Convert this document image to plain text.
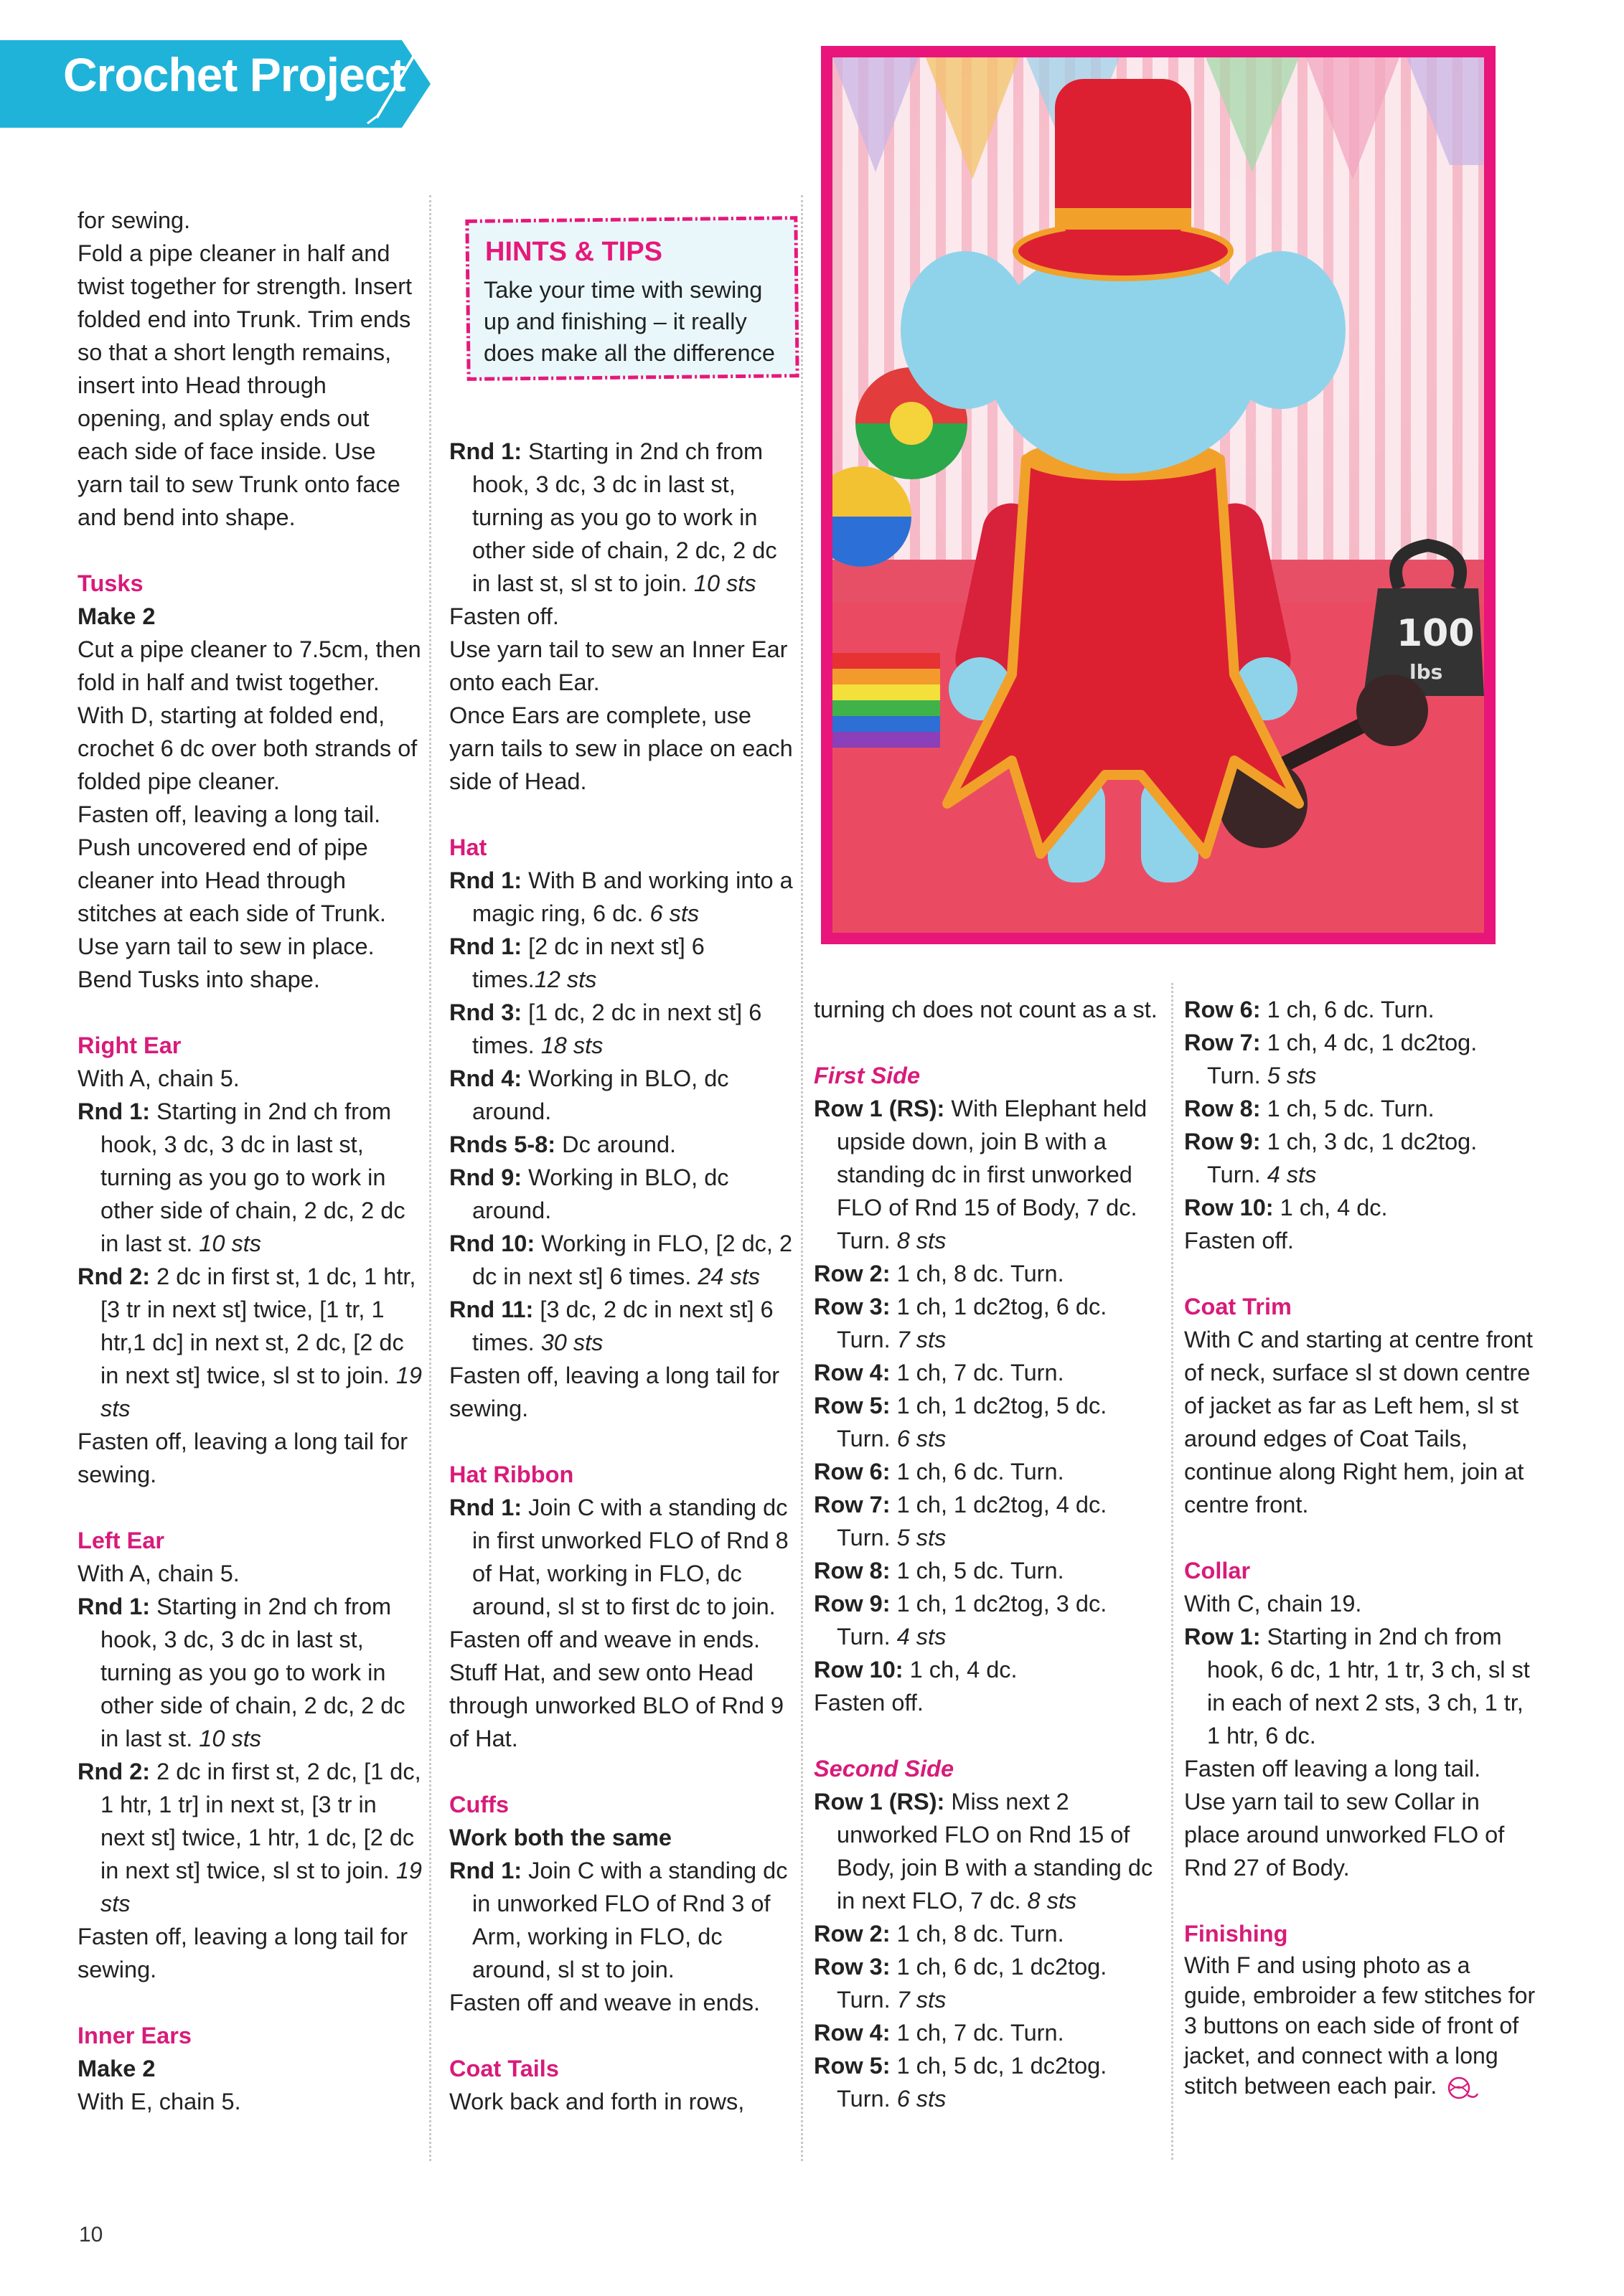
Crochet Project

for sewing.

Fold a pipe cleaner in half and twist together for strength. Insert folded end into Trunk. Trim ends so that a short length remains, insert into Head through opening, and splay ends out each side of face inside. Use yarn tail to sew Trunk onto face and bend into shape.

Tusks

Make 2

Cut a pipe cleaner to 7.5cm, then fold in half and twist together. With D, starting at folded end, crochet 6 dc over both strands of folded pipe cleaner.

Fasten off, leaving a long tail.

Push uncovered end of pipe cleaner into Head through stitches at each side of Trunk.

Use yarn tail to sew in place.

Bend Tusks into shape.

Right Ear

With A, chain 5.

Rnd 1: Starting in 2nd ch from hook, 3 dc, 3 dc in last st, turning as you go to work in other side of chain, 2 dc, 2 dc in last st. 10 sts

Rnd 2: 2 dc in first st, 1 dc, 1 htr, [3 tr in next st] twice, [1 tr, 1 htr,1 dc] in next st, 2 dc, [2 dc in next st] twice, sl st to join. 19 sts

Fasten off, leaving a long tail for sewing.

Left Ear

With A, chain 5.

Rnd 1: Starting in 2nd ch from hook, 3 dc, 3 dc in last st, turning as you go to work in other side of chain, 2 dc, 2 dc in last st. 10 sts

Rnd 2: 2 dc in first st, 2 dc, [1 dc, 1 htr, 1 tr] in next st, [3 tr in next st] twice, 1 htr, 1 dc, [2 dc in next st] twice, sl st to join. 19 sts

Fasten off, leaving a long tail for sewing.

Inner Ears

Make 2

With E, chain 5.

HINTS & TIPS

Take your time with sewing

up and finishing – it really

does make all the difference

Rnd 1: Starting in 2nd ch from hook, 3 dc, 3 dc in last st, turning as you go to work in other side of chain, 2 dc, 2 dc in last st, sl st to join. 10 sts

Fasten off.

Use yarn tail to sew an Inner Ear onto each Ear.

Once Ears are complete, use yarn tails to sew in place on each side of Head.

Hat

Rnd 1: With B and working into a magic ring, 6 dc. 6 sts

Rnd 1: [2 dc in next st] 6 times.12 sts

Rnd 3: [1 dc, 2 dc in next st] 6 times. 18 sts

Rnd 4: Working in BLO, dc around.

Rnds 5-8: Dc around.

Rnd 9: Working in BLO, dc around.

Rnd 10: Working in FLO, [2 dc, 2 dc in next st] 6 times. 24 sts

Rnd 11: [3 dc, 2 dc in next st] 6 times. 30 sts

Fasten off, leaving a long tail for sewing.

Hat Ribbon

Rnd 1: Join C with a standing dc in first unworked FLO of Rnd 8 of Hat, working in FLO, dc around, sl st to first dc to join.

Fasten off and weave in ends. Stuff Hat, and sew onto Head through unworked BLO of Rnd 9 of Hat.

Cuffs

Work both the same

Rnd 1: Join C with a standing dc in unworked FLO of Rnd 3 of Arm, working in FLO, dc around, sl st to join.

Fasten off and weave in ends.

Coat Tails

Work back and forth in rows,

100
lbs

turning ch does not count as a st.

First Side

Row 1 (RS): With Elephant held upside down, join B with a standing dc in first unworked FLO of Rnd 15 of Body, 7 dc. Turn. 8 sts

Row 2: 1 ch, 8 dc. Turn.

Row 3: 1 ch, 1 dc2tog, 6 dc. Turn. 7 sts

Row 4: 1 ch, 7 dc. Turn.

Row 5: 1 ch, 1 dc2tog, 5 dc. Turn. 6 sts

Row 6: 1 ch, 6 dc. Turn.

Row 7: 1 ch, 1 dc2tog, 4 dc. Turn. 5 sts

Row 8: 1 ch, 5 dc. Turn.

Row 9: 1 ch, 1 dc2tog, 3 dc. Turn. 4 sts

Row 10: 1 ch, 4 dc.

Fasten off.

Second Side

Row 1 (RS): Miss next 2 unworked FLO on Rnd 15 of Body, join B with a standing dc in next FLO, 7 dc. 8 sts

Row 2: 1 ch, 8 dc. Turn.

Row 3: 1 ch, 6 dc, 1 dc2tog. Turn. 7 sts

Row 4: 1 ch, 7 dc. Turn.

Row 5: 1 ch, 5 dc, 1 dc2tog. Turn. 6 sts

Row 6: 1 ch, 6 dc. Turn.

Row 7: 1 ch, 4 dc, 1 dc2tog. Turn. 5 sts

Row 8: 1 ch, 5 dc. Turn.

Row 9: 1 ch, 3 dc, 1 dc2tog. Turn. 4 sts

Row 10: 1 ch, 4 dc.

Fasten off.

Coat Trim

With C and starting at centre front of neck, surface sl st down centre of jacket as far as Left hem, sl st around edges of Coat Tails, continue along Right hem, join at centre front.

Collar

With C, chain 19.

Row 1: Starting in 2nd ch from hook, 6 dc, 1 htr, 1 tr, 3 ch, sl st in each of next 2 sts, 3 ch, 1 tr, 1 htr, 6 dc.

Fasten off leaving a long tail.

Use yarn tail to sew Collar in place around unworked FLO of Rnd 27 of Body.

Finishing

With F and using photo as a guide, embroider a few stitches for 3 buttons on each side of front of jacket, and connect with a long stitch between each pair.

10
